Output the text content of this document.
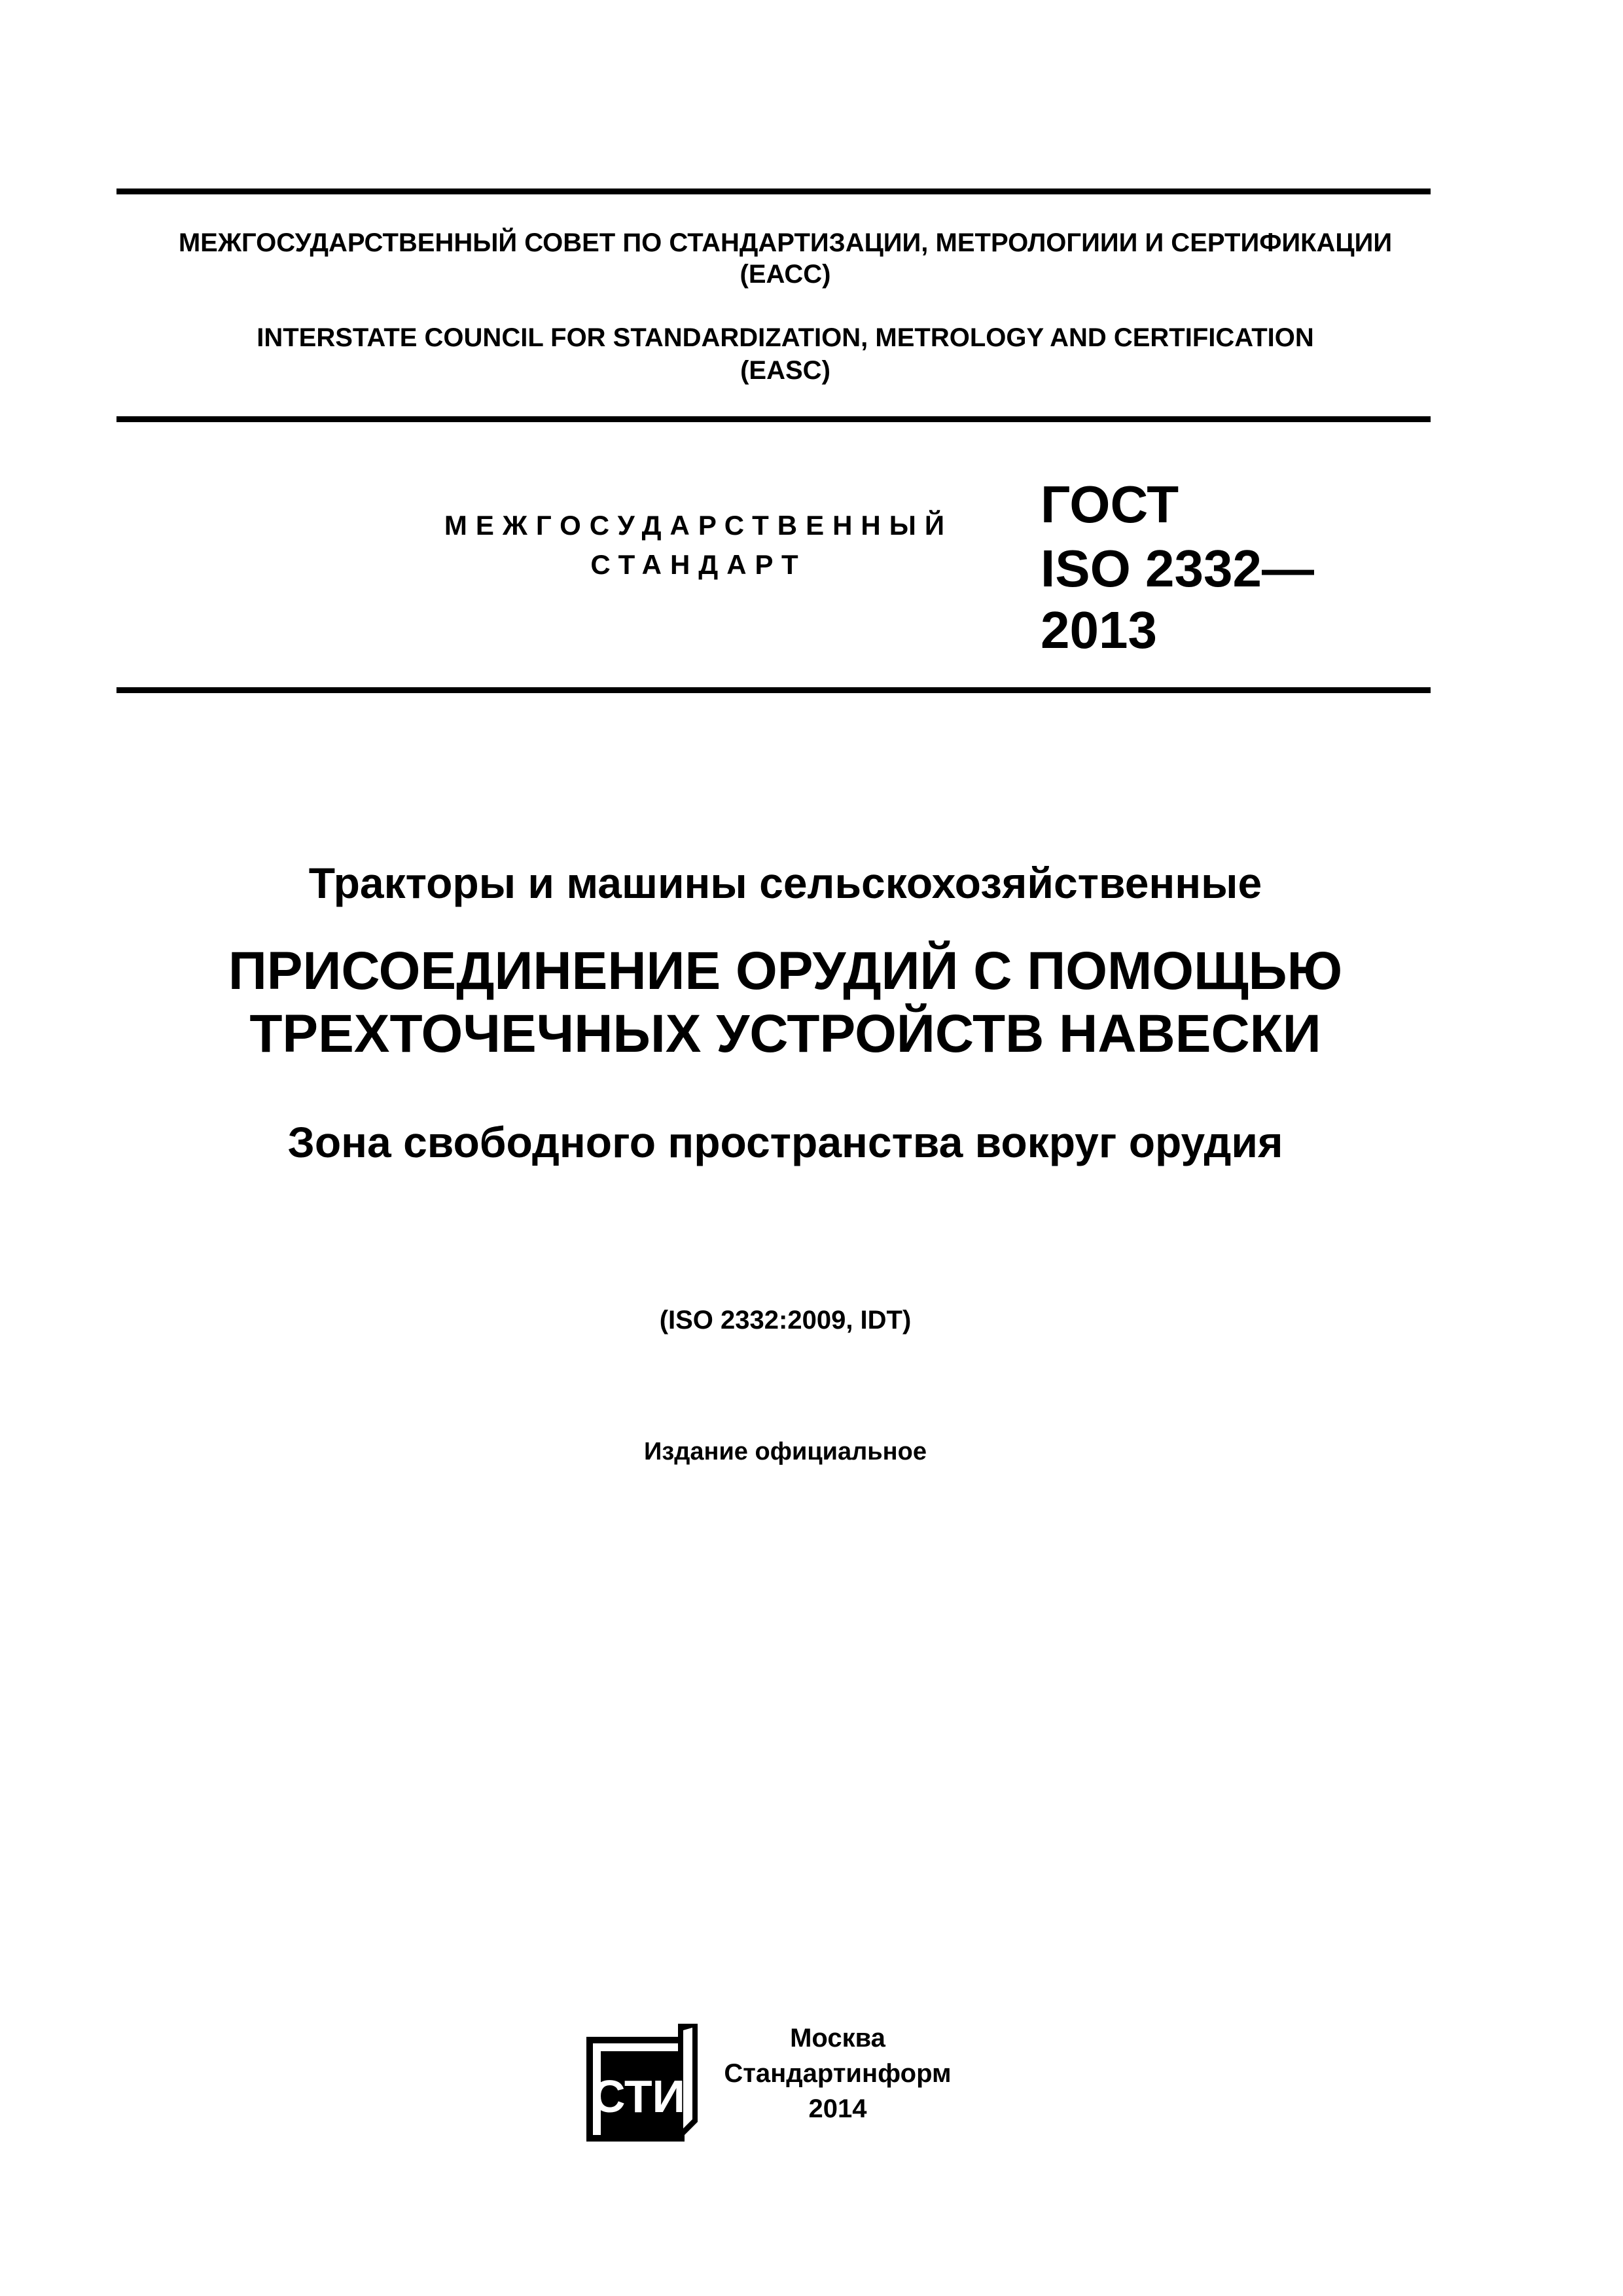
МЕЖГОСУДАРСТВЕННЫЙ СОВЕТ ПО СТАНДАРТИЗАЦИИ, МЕТРОЛОГИИИ И СЕРТИФИКАЦИИ
(ЕАСС)
INTERSTATE COUNCIL FOR STANDARDIZATION, METROLOGY AND CERTIFICATION
(EASC)
МЕЖГОСУДАРСТВЕННЫЙ
СТАНДАРТ
ГОСТ
ISO 2332—
2013
Тракторы и машины сельскохозяйственные
ПРИСОЕДИНЕНИЕ ОРУДИЙ С ПОМОЩЬЮ
ТРЕХТОЧЕЧНЫХ УСТРОЙСТВ НАВЕСКИ
Зона свободного пространства вокруг орудия
(ISO 2332:2009, IDT)
Издание официальное
СТИ
Москва
Стандартинформ
2014
